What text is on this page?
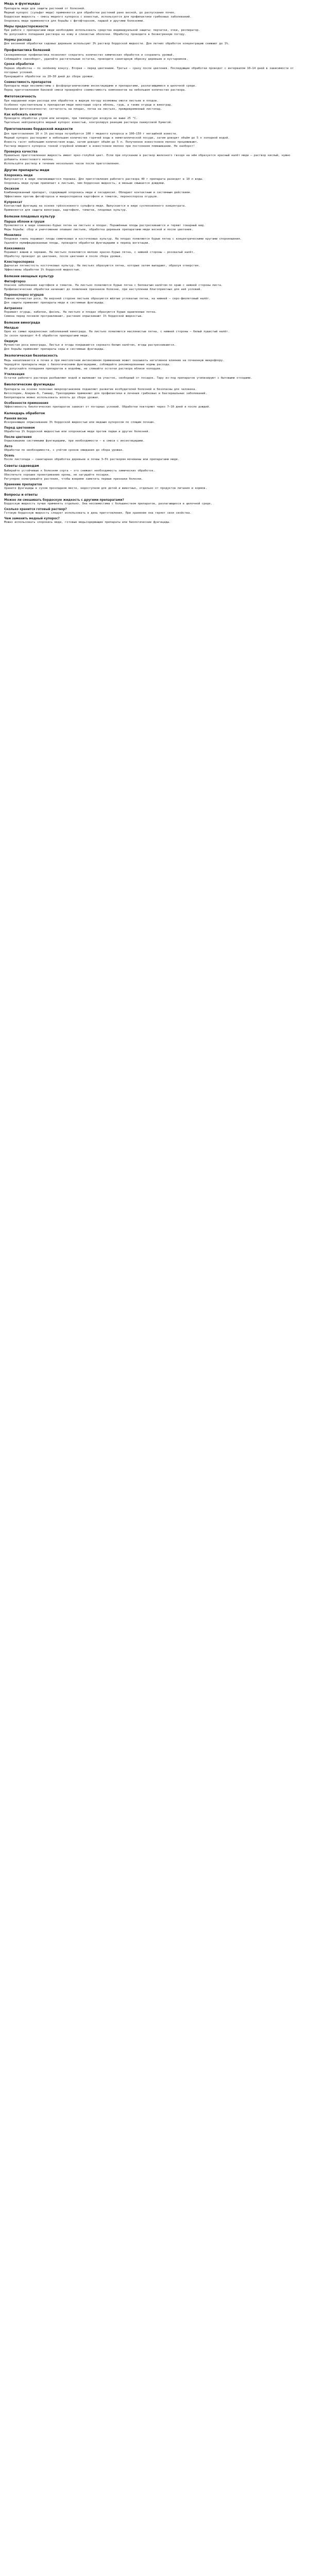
Медь и фунгициды

Препараты меди для защиты растений от болезней.

Медный купорос (сульфат меди) применяется для обработки растений рано весной, до распускания почек.

Бордоская жидкость — смесь медного купороса с известью, используется для профилактики грибковых заболеваний.

Хлорокись меди применяется для борьбы с фитофторозом, паршой и другими болезнями.

Меры предосторожности

При работе с препаратами меди необходимо использовать средства индивидуальной защиты: перчатки, очки, респиратор.

Не допускайте попадания раствора на кожу и слизистые оболочки. Обработку проводите в безветренную погоду.

Нормы расхода

Для весенней обработки садовых деревьев используют 3% раствор бордоской жидкости. Для летних обработок концентрацию снижают до 1%.

Профилактика болезней

Своевременная профилактика позволяет сократить количество химических обработок и сохранить урожай.

Соблюдайте севооборот, удаляйте растительные остатки, проводите санитарную обрезку деревьев и кустарников.

Сроки обработки

Первая обработка — по зелёному конусу. Вторая — перед цветением. Третья — сразу после цветения. Последующие обработки проводят с интервалом 10–14 дней в зависимости от погодных условий.

Прекращайте обработки за 20–30 дней до сбора урожая.

Совместимость препаратов

Препараты меди несовместимы с фосфорорганическими инсектицидами и препаратами, разлагающимися в щелочной среде.

Перед приготовлением баковой смеси проверяйте совместимость компонентов на небольшом количестве раствора.

Фитотоксичность

При нарушении норм расхода или обработке в жаркую погоду возможны ожоги листьев и плодов.

Особенно чувствительны к препаратам меди некоторые сорта яблонь, груш, а также огурцы и виноград.

Признаки фитотоксичности: сетчатость на плодах, пятна на листьях, преждевременный листопад.

Как избежать ожогов

Проводите обработки утром или вечером, при температуре воздуха не выше 25 °C.

Тщательно нейтрализуйте медный купорос известью, контролируя реакцию раствора лакмусовой бумагой.

Приготовление бордоской жидкости

Для приготовления 10 л 1% раствора потребуется 100 г медного купороса и 100–150 г негашёной извести.

Медный купорос растворяют в небольшом количестве горячей воды в неметаллической посуде, затем доводят объём до 5 л холодной водой.

Известь гасят небольшим количеством воды, затем доводят объём до 5 л. Полученное известковое молоко процеживают.

Раствор медного купороса тонкой струйкой вливают в известковое молоко при постоянном помешивании. Не наоборот!

Проверка качества

Правильно приготовленная жидкость имеет ярко-голубой цвет. Если при опускании в раствор железного гвоздя на нём образуется красный налёт меди — раствор кислый, нужно добавить известкового молока.

Используйте раствор в течение нескольких часов после приготовления.

Другие препараты меди
Хлорокись меди

Выпускается в виде смачивающегося порошка. Для приготовления рабочего раствора 40 г препарата разводят в 10 л воды.

Хлорокись меди лучше прилипает к листьям, чем бордоская жидкость, и меньше смывается дождями.

Оксихом

Комбинированный препарат, содержащий хлорокись меди и оксадиксил. Обладает контактным и системным действием.

Эффективен против фитофтороза и макроспориоза картофеля и томатов, пероноспороза огурцов.

Купроксат

Контактный фунгицид на основе трёхосновного сульфата меди. Выпускается в виде суспензионного концентрата.

Применяется для защиты винограда, картофеля, томатов, плодовых культур.

Болезни плодовых культур
Парша яблони и груши

Проявляется в виде оливково-бурых пятен на листьях и плодах. Поражённые плоды растрескиваются и теряют товарный вид.

Меры борьбы: сбор и уничтожение опавших листьев, обработка деревьев препаратами меди весной и после цветения.

Монилиоз

Плодовая гниль поражает плоды семечковых и косточковых культур. На плодах появляются бурые пятна с концентрическими кругами спороношения.

Удаляйте мумифицированные плоды, проводите обработки фунгицидами в период вегетации.

Коккомикоз

Поражает вишню и черешню. На листьях появляются мелкие красно-бурые пятна, с нижней стороны — розоватый налёт.

Обработку проводят до цветения, после цветения и после сбора урожая.

Клястероспориоз

Дырчатая пятнистость косточковых культур. На листьях образуются пятна, которые затем выпадают, образуя отверстия.

Эффективны обработки 1% бордоской жидкостью.

Болезни овощных культур
Фитофтороз

Опасное заболевание картофеля и томатов. На листьях появляются бурые пятна с беловатым налётом по краю с нижней стороны листа.

Профилактические обработки начинают до появления признаков болезни, при наступлении благоприятных для неё условий.

Пероноспороз огурцов

Ложная мучнистая роса. На верхней стороне листьев образуются жёлтые угловатые пятна, на нижней — серо-фиолетовый налёт.

Для защиты применяют препараты меди и системные фунгициды.

Антракноз

Поражает огурцы, кабачки, фасоль. На листьях и плодах образуются бурые вдавленные пятна.

Семена перед посевом протравливают, растения опрыскивают 1% бордоской жидкостью.

Болезни винограда
Милдью

Одно из самых вредоносных заболеваний винограда. На листьях появляются маслянистые пятна, с нижней стороны — белый пушистый налёт.

За сезон проводят 4–6 обработок препаратами меди.

Оидиум

Мучнистая роса винограда. Листья и ягоды покрываются серовато-белым налётом, ягоды растрескиваются.

Для борьбы применяют препараты серы и системные фунгициды.

Экологическая безопасность

Медь накапливается в почве и при многолетнем интенсивном применении может оказывать негативное влияние на почвенную микрофлору.

Чередуйте препараты меди с биологическими фунгицидами, соблюдайте рекомендованные нормы расхода.

Не допускайте попадания препаратов в водоёмы, не сливайте остатки раствора вблизи колодцев.

Утилизация

Остатки рабочего раствора разбавляют водой и выливают на участок, свободный от посадок. Тару из-под препаратов утилизируют с бытовыми отходами.

Биологические фунгициды

Препараты на основе полезных микроорганизмов подавляют развитие возбудителей болезней и безопасны для человека.

Фитоспорин, Алирин-Б, Гамаир, Триходермин применяют для профилактики и лечения грибковых и бактериальных заболеваний.

Биопрепараты можно использовать вплоть до сбора урожая.

Особенности применения

Эффективность биологических препаратов зависит от погодных условий. Обработки повторяют через 7–10 дней и после дождей.

Календарь обработок
Ранняя весна

Искореняющее опрыскивание 3% бордоской жидкостью или медным купоросом по спящим почкам.

Перед цветением

Обработка 1% бордоской жидкостью или хлорокисью меди против парши и других болезней.

После цветения

Опрыскивание системными фунгицидами, при необходимости — в смеси с инсектицидами.

Лето

Обработки по необходимости, с учётом сроков ожидания до сбора урожая.

Осень

После листопада — санитарная обработка деревьев и почвы 3–5% раствором мочевины или препаратами меди.

Советы садоводам

Выбирайте устойчивые к болезням сорта — это снижает необходимость химических обработок.

Обеспечьте хорошее проветривание кроны, не загущайте посадки.

Регулярно осматривайте растения, чтобы вовремя заметить первые признаки болезни.

Хранение препаратов

Храните фунгициды в сухом прохладном месте, недоступном для детей и животных, отдельно от продуктов питания и кормов.

Вопросы и ответы
Можно ли смешивать бордоскую жидкость с другими препаратами?

Бордоскую жидкость лучше применять отдельно. Она несовместима с большинством препаратов, разлагающихся в щелочной среде.

Сколько хранится готовый раствор?

Готовую бордоскую жидкость следует использовать в день приготовления. При хранении она теряет свои свойства.

Чем заменить медный купорос?

Можно использовать хлорокись меди, готовые медьсодержащие препараты или биологические фунгициды.
